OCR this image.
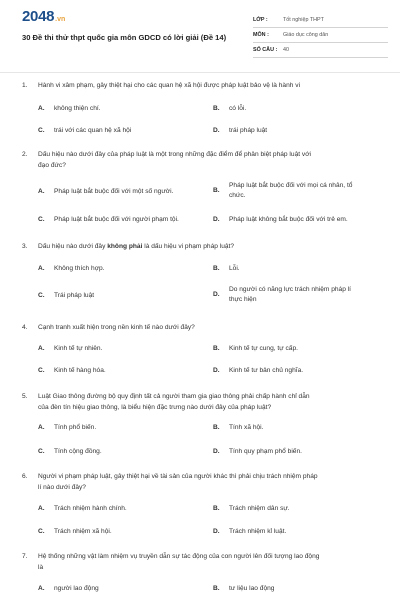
2048 .vn
30 Đề thi thử thpt quốc gia môn GDCD có lời giải (Đề 14)
LỚP :	Tốt nghiệp THPT
MÔN :	Giáo dục công dân
SỐ CÂU :	40
1. Hành vi xâm phạm, gây thiệt hại cho các quan hệ xã hội được pháp luật bảo vệ là hành vi
A. không thiện chí.	B. có lỗi.
C. trái với các quan hệ xã hội	D. trái pháp luật
2. Dấu hiệu nào dưới đây của pháp luật là một trong những đặc điểm để phân biệt pháp luật với
đạo đức?
A. Pháp luật bắt buộc đối với một số người.	B.
Pháp luật bắt buộc đối với mọi cá nhân, tổ
chức.
C. Pháp luật bắt buộc đối với người phạm tội.	D. Pháp luật không bắt buộc đối với trẻ em.
3. Dấu hiệu nào dưới đây không phải là dấu hiệu vi phạm pháp luật?
A. Không thích hợp.	B. Lỗi.
C. Trái pháp luật	D.
Do người có năng lực trách nhiệm pháp lí
thực hiện
4. Cạnh tranh xuất hiện trong nền kinh tế nào dưới đây?
A. Kinh tế tự nhiên.	B. Kinh tế tự cung, tự cấp.
C. Kinh tế hàng hóa.	D. Kinh tế tư bản chủ nghĩa.
5. Luật Giao thông đường bộ quy định tất cả người tham gia giao thông phải chấp hành chỉ dẫn
của đèn tín hiệu giao thông, là biểu hiện đặc trưng nào dưới đây của pháp luật?
A. Tính phổ biến.	B. Tính xã hội.
C. Tính cộng đồng.	D. Tính quy phạm phổ biến.
6. Người vi phạm pháp luật, gây thiệt hại về tài sản của người khác thì phải chịu trách nhiệm pháp
lí nào dưới đây?
A. Trách nhiệm hành chính.	B. Trách nhiệm dân sự.
C. Trách nhiệm xã hội.	D. Trách nhiệm kỉ luật.
7. Hệ thống những vật làm nhiệm vụ truyền dẫn sự tác động của con người lên đối tượng lao động
là
A. người lao động	B. tư liệu lao động
